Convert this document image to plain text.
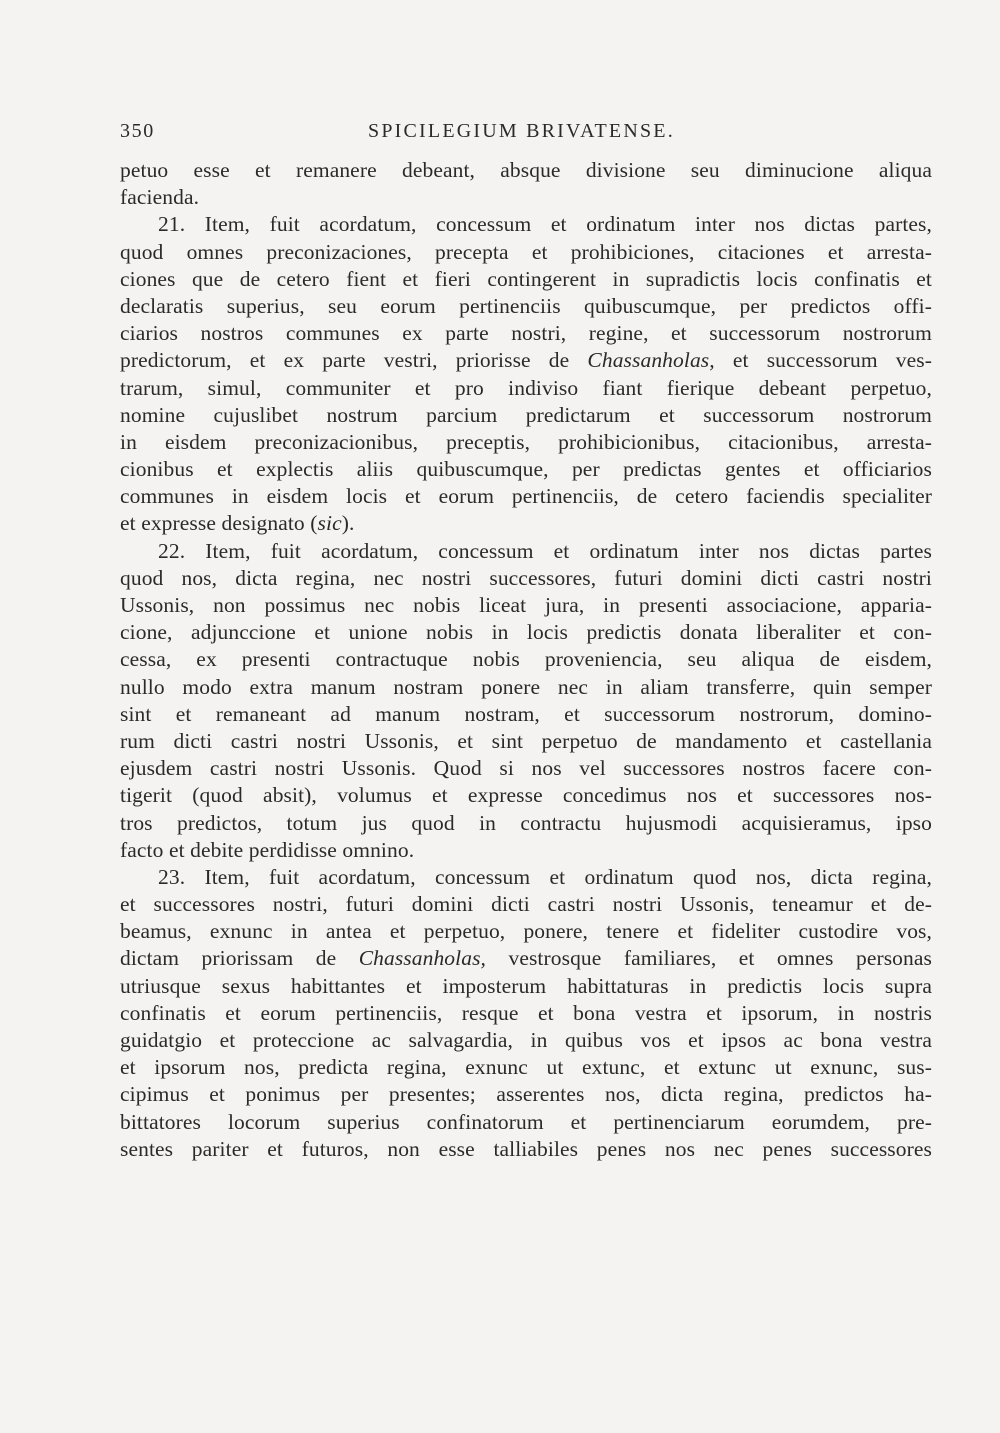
350	SPICILEGIUM BRIVATENSE.
petuo esse et remanere debeant, absque divisione seu diminucione aliqua
facienda.
21. Item, fuit acordatum, concessum et ordinatum inter nos dictas partes,
quod omnes preconizaciones, precepta et prohibiciones, citaciones et arresta-
ciones que de cetero fient et fieri contingerent in supradictis locis confinatis et
declaratis superius, seu eorum pertinenciis quibuscumque, per predictos offi-
ciarios nostros communes ex parte nostri, regine, et successorum nostrorum
predictorum, et ex parte vestri, priorisse de Chassanholas, et successorum ves-
trarum, simul, communiter et pro indiviso fiant fierique debeant perpetuo,
nomine cujuslibet nostrum parcium predictarum et successorum nostrorum
in eisdem preconizacionibus, preceptis, prohibicionibus, citacionibus, arresta-
cionibus et explectis aliis quibuscumque, per predictas gentes et officiarios
communes in eisdem locis et eorum pertinenciis, de cetero faciendis specialiter
et expresse designato (sic).
22. Item, fuit acordatum, concessum et ordinatum inter nos dictas partes
quod nos, dicta regina, nec nostri successores, futuri domini dicti castri nostri
Ussonis, non possimus nec nobis liceat jura, in presenti associacione, apparia-
cione, adjunccione et unione nobis in locis predictis donata liberaliter et con-
cessa, ex presenti contractuque nobis proveniencia, seu aliqua de eisdem,
nullo modo extra manum nostram ponere nec in aliam transferre, quin semper
sint et remaneant ad manum nostram, et successorum nostrorum, domino-
rum dicti castri nostri Ussonis, et sint perpetuo de mandamento et castellania
ejusdem castri nostri Ussonis. Quod si nos vel successores nostros facere con-
tigerit (quod absit), volumus et expresse concedimus nos et successores nos-
tros predictos, totum jus quod in contractu hujusmodi acquisieramus, ipso
facto et debite perdidisse omnino.
23. Item, fuit acordatum, concessum et ordinatum quod nos, dicta regina,
et successores nostri, futuri domini dicti castri nostri Ussonis, teneamur et de-
beamus, exnunc in antea et perpetuo, ponere, tenere et fideliter custodire vos,
dictam priorissam de Chassanholas, vestrosque familiares, et omnes personas
utriusque sexus habittantes et imposterum habittaturas in predictis locis supra
confinatis et eorum pertinenciis, resque et bona vestra et ipsorum, in nostris
guidatgio et proteccione ac salvagardia, in quibus vos et ipsos ac bona vestra
et ipsorum nos, predicta regina, exnunc ut extunc, et extunc ut exnunc, sus-
cipimus et ponimus per presentes; asserentes nos, dicta regina, predictos ha-
bittatores locorum superius confinatorum et pertinenciarum eorumdem, pre-
sentes pariter et futuros, non esse talliabiles penes nos nec penes successores
